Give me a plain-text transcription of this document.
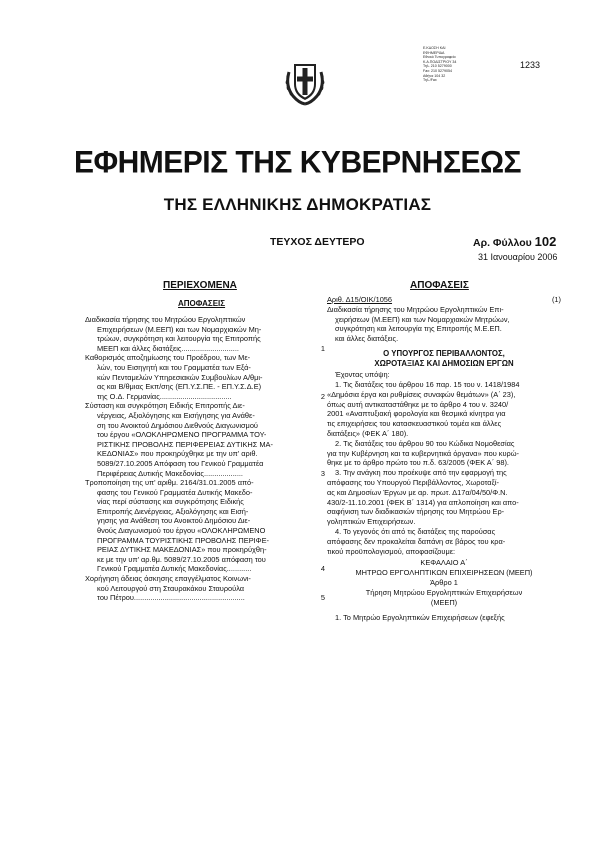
Ε.ΚΔΟΣΗ ΚΑΙ
ΕΦΗΜΕΡΙΔΑ
Εθνικό Τυπογραφείο
Κ.Α.ΠΟΔΙΣΤΡΙΟΥ 34
Τηλ. 210 5279000
Fax: 210 5279054
Αθήνα 104 32
Τηλ./Fax
1233
ΕΦΗΜΕΡΙΣ ΤΗΣ ΚΥΒΕΡΝΗΣΕΩΣ
ΤΗΣ ΕΛΛΗΝΙΚΗΣ ΔΗΜΟΚΡΑΤΙΑΣ
ΤΕΥΧΟΣ ΔΕΥΤΕΡΟ	Αρ. Φύλλου 102
31 Ιανουαρίου 2006
ΠΕΡΙΕΧΟΜΕΝΑ
ΑΠΟΦΑΣΕΙΣ
Διαδικασία τήρησης του Μητρώου Εργοληπτικών
Επιχειρήσεων (Μ.ΕΕΠ) και των Νομαρχιακών Μη-
τρώων, συγκρότηση και λειτουργία της Επιτροπής
ΜΕΕΠ και άλλες διατάξεις............................	1
Καθορισμός αποζημίωσης του Προέδρου, των Με-
λών, του Εισηγητή και του Γραμματέα των Εξά-
κών Πενταμελών Υπηρεσιακών Συμβουλίων Α/θμι-
ας και Β/θμιας Εκπ/σης (ΕΠ.Υ.Σ.ΠΕ. - ΕΠ.Υ.Σ.Δ.Ε)
της Ο.Δ. Γερμανίας...................................	2
Σύσταση και συγκρότηση Ειδικής Επιτροπής Διε-
νέργειας, Αξιολόγησης και Εισήγησης για Ανάθε-
ση του Ανοικτού Δημόσιου Διεθνούς Διαγωνισμού
του έργου «ΟΛΟΚΛΗΡΩΜΕΝΟ ΠΡΟΓΡΑΜΜΑ ΤΟΥ-
ΡΙΣΤΙΚΗΣ ΠΡΟΒΟΛΗΣ ΠΕΡΙΦΕΡΕΙΑΣ ΔΥΤΙΚΗΣ ΜΑ-
ΚΕΔΟΝΙΑΣ» που προκηρύχθηκε με την υπ' αριθ.
5089/27.10.2005 Απόφαση του Γενικού Γραμματέα
Περιφέρειας Δυτικής Μακεδονίας...................	3
Τροποποίηση της υπ' αριθμ. 2164/31.01.2005 από-
φασης του Γενικού Γραμματέα Δυτικής Μακεδο-
νίας περί σύστασης και συγκρότησης Ειδικής
Επιτροπής Διενέργειας, Αξιολόγησης και Εισή-
γησης για Ανάθεση του Ανοικτού Δημόσιου Διε-
θνούς Διαγωνισμού του έργου «ΟΛΟΚΛΗΡΩΜΕΝΟ
ΠΡΟΓΡΑΜΜΑ ΤΟΥΡΙΣΤΙΚΗΣ ΠΡΟΒΟΛΗΣ ΠΕΡΙΦΕ-
ΡΕΙΑΣ ΔΥΤΙΚΗΣ ΜΑΚΕΔΟΝΙΑΣ» που προκηρύχθη-
κε με την υπ' αρ.θμ. 5089/27.10.2005 απόφαση του
Γενικού Γραμματέα Δυτικής Μακεδονίας............	4
Χορήγηση άδειας άσκησης επαγγέλματος Κοινωνι-
κού Λειτουργού στη Σταυρακάκου Σταυρούλα
του Πέτρου......................................................	5
ΑΠΟΦΑΣΕΙΣ
Αριθ. Δ15/ΟΙΚ/1056	(1)
Διαδικασία τήρησης του Μητρώου Εργοληπτικών Επι-
χειρήσεων (Μ.ΕΕΠ) και των Νομαρχιακών Μητρώων,
συγκρότηση και λειτουργία της Επιτροπής Μ.Ε.ΕΠ.
και άλλες διατάξεις.
Ο ΥΠΟΥΡΓΟΣ ΠΕΡΙΒΑΛΛΟΝΤΟΣ,
ΧΩΡΟΤΑΞΙΑΣ ΚΑΙ ΔΗΜΟΣΙΩΝ ΕΡΓΩΝ
Έχοντας υπόψη:
1. Τις διατάξεις του άρθρου 16 παρ. 15 του ν. 1418/1984
«Δημόσια έργα και ρυθμίσεις συναφών θεμάτων» (Α΄ 23),
όπως αυτή αντικαταστάθηκε με το άρθρο 4 του ν. 3240/
2001 «Αναπτυξιακή φορολογία και θεσμικά κίνητρα για
τις επιχειρήσεις του κατασκευαστικού τομέα και άλλες
διατάξεις» (ΦΕΚ Α΄ 180).
2. Τις διατάξεις του άρθρου 90 του Κώδικα Νομοθεσίας
για την Κυβέρνηση και τα κυβερνητικά όργανα» που κυρώ-
θηκε με το άρθρο πρώτο του π.δ. 63/2005 (ΦΕΚ Α΄ 98).
3. Την ανάγκη που προέκυψε από την εφαρμογή της
απόφασης του Υπουργού Περιβάλλοντος, Χωροταξί-
ας και Δημοσίων Έργων με αρ. πρωτ. Δ17α/04/50/Φ.Ν.
430/2-11.10.2001 (ΦΕΚ Β΄ 1314) για απλοποίηση και απο-
σαφήνιση των διαδικασιών τήρησης του Μητρώου Ερ-
γοληπτικών Επιχειρήσεων.
4. Το γεγονός ότι από τις διατάξεις της παρούσας
απόφασης δεν προκαλείται δαπάνη σε βάρος του κρα-
τικού προϋπολογισμού, αποφασίζουμε:
ΚΕΦΑΛΑΙΟ Α΄
ΜΗΤΡΩΟ ΕΡΓΟΛΗΠΤΙΚΩΝ ΕΠΙΧΕΙΡΗΣΕΩΝ (ΜΕΕΠ)
Άρθρο 1
Τήρηση Μητρώου Εργοληπτικών Επιχειρήσεων
(ΜΕΕΠ)
1. Το Μητρώο Εργοληπτικών Επιχειρήσεων (εφεξής
